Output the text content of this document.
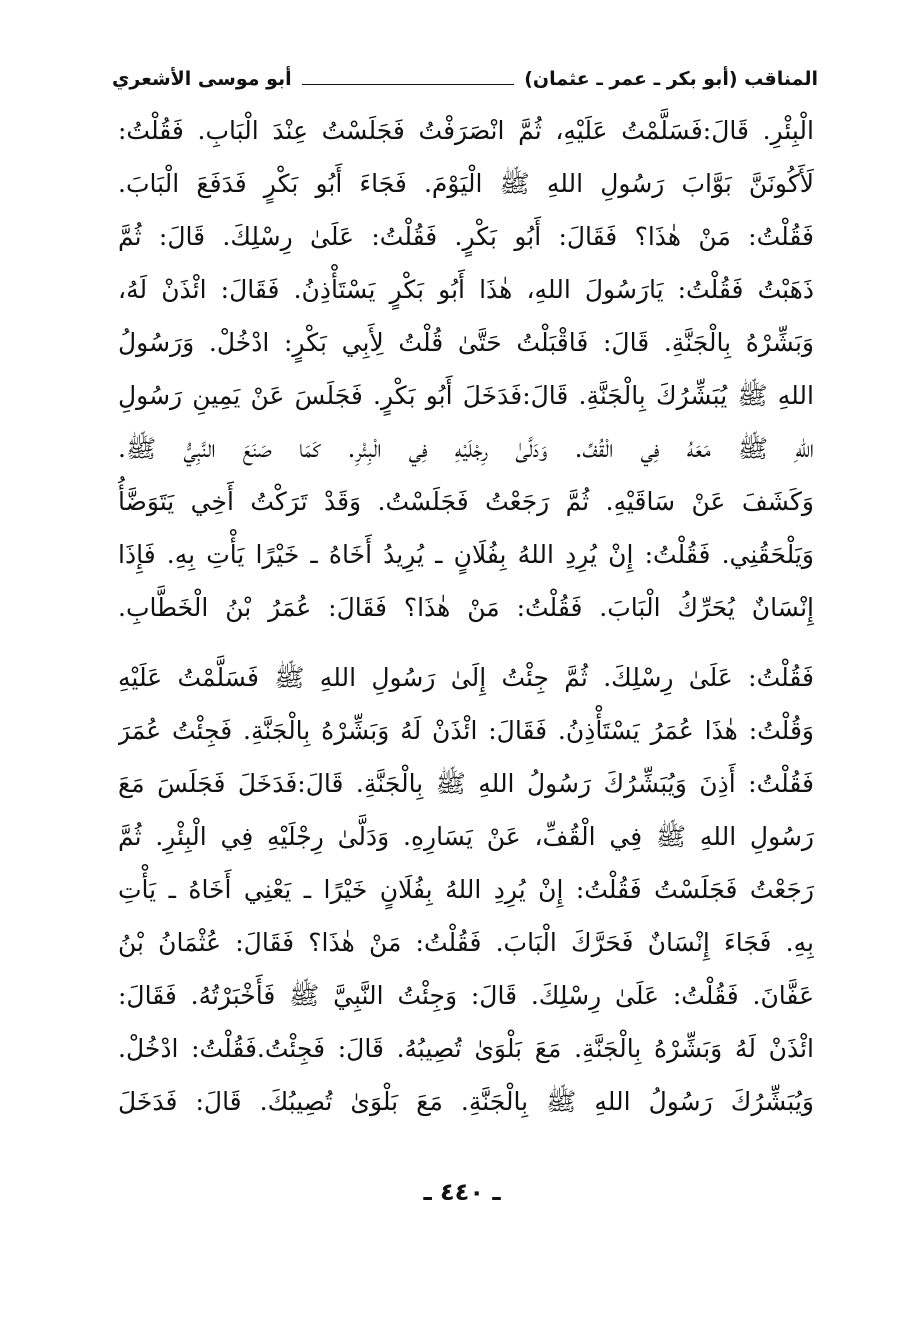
المناقب (أبو بكر ـ عمر ـ عثمان)
أبو موسى الأشعري
الْبِئْرِ. قَالَ:فَسَلَّمْتُ عَلَيْهِ، ثُمَّ انْصَرَفْتُ فَجَلَسْتُ عِنْدَ الْبَابِ. فَقُلْتُ:
لَأَكُونَنَّ بَوَّابَ رَسُولِ اللهِ ﷺ الْيَوْمَ. فَجَاءَ أَبُو بَكْرٍ فَدَفَعَ الْبَابَ.
فَقُلْتُ: مَنْ هٰذَا؟ فَقَالَ: أَبُو بَكْرٍ. فَقُلْتُ: عَلَىٰ رِسْلِكَ. قَالَ: ثُمَّ
ذَهَبْتُ فَقُلْتُ: يَارَسُولَ اللهِ، هٰذَا أَبُو بَكْرٍ يَسْتَأْذِنُ. فَقَالَ: ائْذَنْ لَهُ،
وَبَشِّرْهُ بِالْجَنَّةِ. قَالَ: فَاقْبَلْتُ حَتَّىٰ قُلْتُ لِأَبِي بَكْرٍ: ادْخُلْ. وَرَسُولُ
اللهِ ﷺ يُبَشِّرُكَ بِالْجَنَّةِ. قَالَ:فَدَخَلَ أَبُو بَكْرٍ. فَجَلَسَ عَنْ يَمِينِ رَسُولِ
اللهِ ﷺ مَعَهُ فِي الْقُفِّ. وَدَلَّىٰ رِجْلَيْهِ فِي الْبِئْرِ. كَمَا صَنَعَ النَّبِيُّ ﷺ.
وَكَشَفَ عَنْ سَاقَيْهِ. ثُمَّ رَجَعْتُ فَجَلَسْتُ. وَقَدْ تَرَكْتُ أَخِي يَتَوَضَّأُ
وَيَلْحَقُنِي. فَقُلْتُ: إِنْ يُرِدِ اللهُ بِفُلَانٍ ـ يُرِيدُ أَخَاهُ ـ خَيْرًا يَأْتِ بِهِ. فَإِذَا
إِنْسَانٌ يُحَرِّكُ الْبَابَ. فَقُلْتُ: مَنْ هٰذَا؟ فَقَالَ: عُمَرُ بْنُ الْخَطَّابِ.
فَقُلْتُ: عَلَىٰ رِسْلِكَ. ثُمَّ جِئْتُ إِلَىٰ رَسُولِ اللهِ ﷺ فَسَلَّمْتُ عَلَيْهِ
وَقُلْتُ: هٰذَا عُمَرُ يَسْتَأْذِنُ. فَقَالَ: ائْذَنْ لَهُ وَبَشِّرْهُ بِالْجَنَّةِ. فَجِئْتُ عُمَرَ
فَقُلْتُ: أَذِنَ وَيُبَشِّرُكَ رَسُولُ اللهِ ﷺ بِالْجَنَّةِ. قَالَ:فَدَخَلَ فَجَلَسَ مَعَ
رَسُولِ اللهِ ﷺ فِي الْقُفِّ، عَنْ يَسَارِهِ. وَدَلَّىٰ رِجْلَيْهِ فِي الْبِئْرِ. ثُمَّ
رَجَعْتُ فَجَلَسْتُ فَقُلْتُ: إِنْ يُرِدِ اللهُ بِفُلَانٍ خَيْرًا ـ يَعْنِي أَخَاهُ ـ يَأْتِ
بِهِ. فَجَاءَ إِنْسَانٌ فَحَرَّكَ الْبَابَ. فَقُلْتُ: مَنْ هٰذَا؟ فَقَالَ: عُثْمَانُ بْنُ
عَفَّانَ. فَقُلْتُ: عَلَىٰ رِسْلِكَ. قَالَ: وَجِئْتُ النَّبِيَّ ﷺ فَأَخْبَرْتُهُ. فَقَالَ:
ائْذَنْ لَهُ وَبَشِّرْهُ بِالْجَنَّةِ. مَعَ بَلْوَىٰ تُصِيبُهُ. قَالَ: فَجِئْتُ.فَقُلْتُ: ادْخُلْ.
وَيُبَشِّرُكَ رَسُولُ اللهِ ﷺ بِالْجَنَّةِ. مَعَ بَلْوَىٰ تُصِيبُكَ. قَالَ: فَدَخَلَ
ـ ٤٤٠ ـ
